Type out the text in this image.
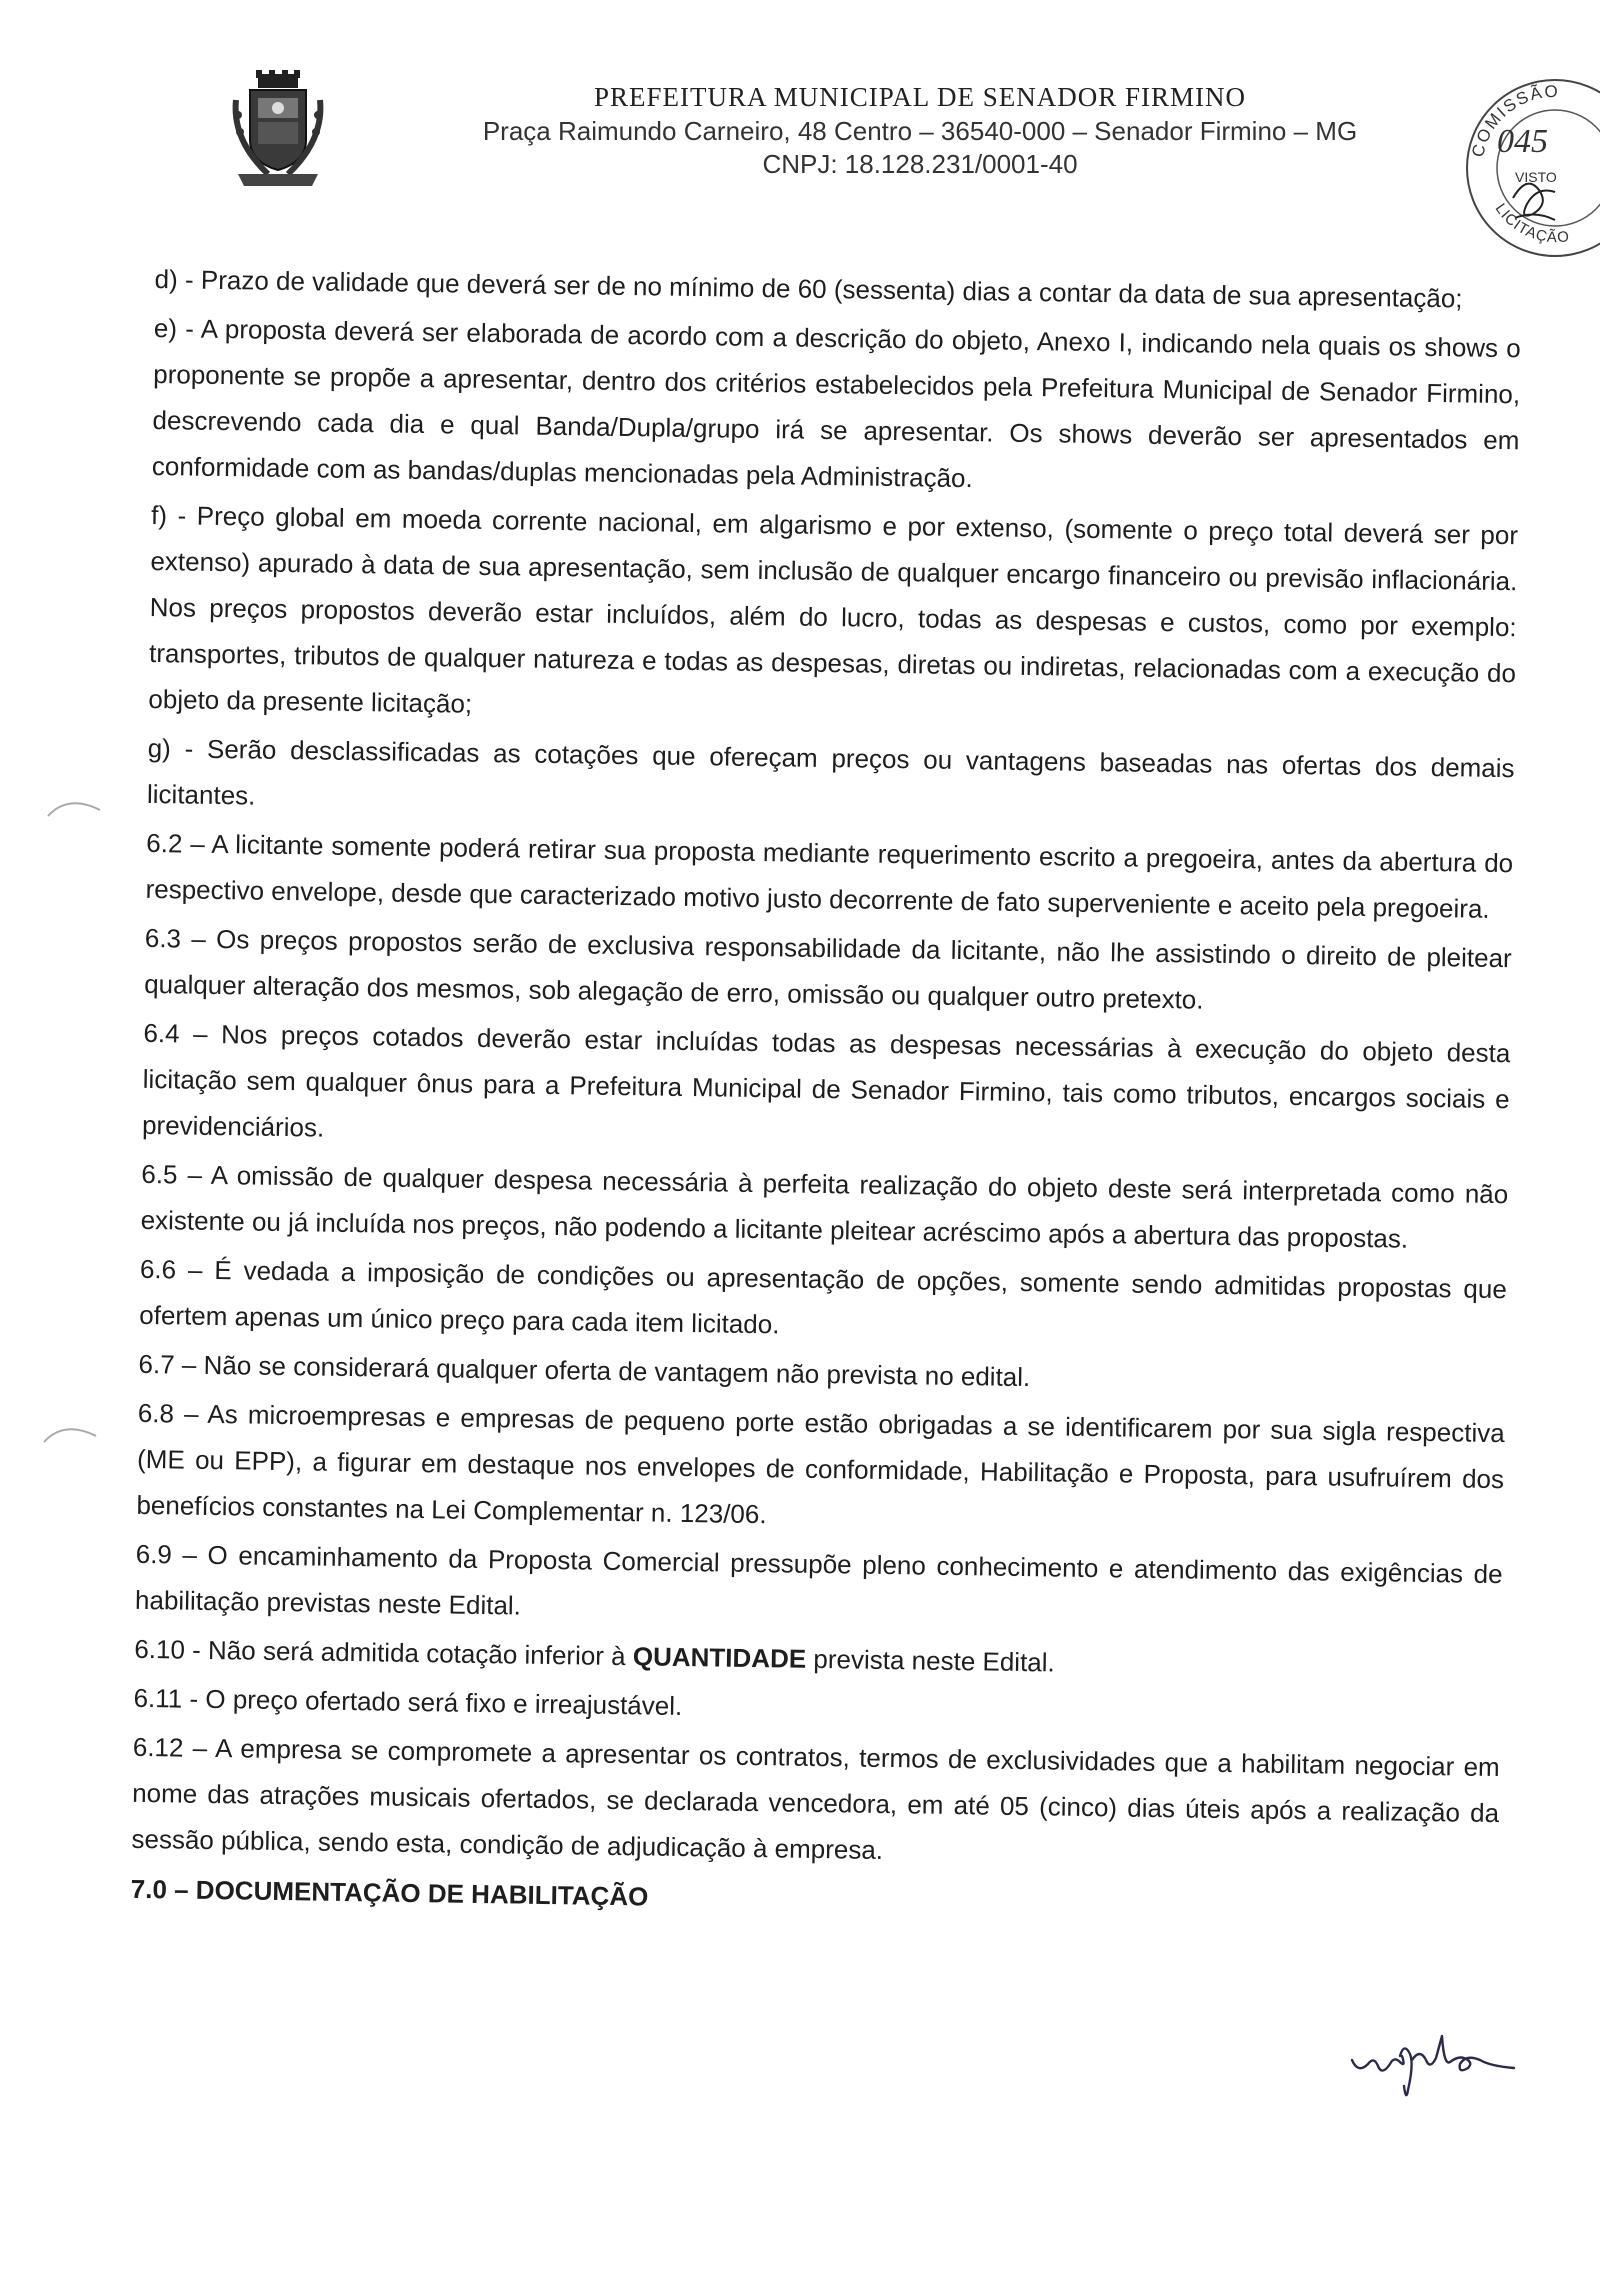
PREFEITURA MUNICIPAL DE SENADOR FIRMINO
Praça Raimundo Carneiro, 48 Centro – 36540-000 – Senador Firmino – MG
CNPJ: 18.128.231/0001-40	COMISSÃO
045
VISTO
LICITAÇÃO

d) - Prazo de validade que deverá ser de no mínimo de 60 (sessenta) dias a contar da data de sua apresentação;

e) - A proposta deverá ser elaborada de acordo com a descrição do objeto, Anexo I, indicando nela quais os shows o proponente se propõe a apresentar, dentro dos critérios estabelecidos pela Prefeitura Municipal de Senador Firmino, descrevendo cada dia e qual Banda/Dupla/grupo irá se apresentar. Os shows deverão ser apresentados em conformidade com as bandas/duplas mencionadas pela Administração.

f) - Preço global em moeda corrente nacional, em algarismo e por extenso, (somente o preço total deverá ser por extenso) apurado à data de sua apresentação, sem inclusão de qualquer encargo financeiro ou previsão inflacionária. Nos preços propostos deverão estar incluídos, além do lucro, todas as despesas e custos, como por exemplo: transportes, tributos de qualquer natureza e todas as despesas, diretas ou indiretas, relacionadas com a execução do objeto da presente licitação;

g) - Serão desclassificadas as cotações que ofereçam preços ou vantagens baseadas nas ofertas dos demais licitantes.

6.2 – A licitante somente poderá retirar sua proposta mediante requerimento escrito a pregoeira, antes da abertura do respectivo envelope, desde que caracterizado motivo justo decorrente de fato superveniente e aceito pela pregoeira.

6.3 – Os preços propostos serão de exclusiva responsabilidade da licitante, não lhe assistindo o direito de pleitear qualquer alteração dos mesmos, sob alegação de erro, omissão ou qualquer outro pretexto.

6.4 – Nos preços cotados deverão estar incluídas todas as despesas necessárias à execução do objeto desta licitação sem qualquer ônus para a Prefeitura Municipal de Senador Firmino, tais como tributos, encargos sociais e previdenciários.

6.5 – A omissão de qualquer despesa necessária à perfeita realização do objeto deste será interpretada como não existente ou já incluída nos preços, não podendo a licitante pleitear acréscimo após a abertura das propostas.

6.6 – É vedada a imposição de condições ou apresentação de opções, somente sendo admitidas propostas que ofertem apenas um único preço para cada item licitado.

6.7 – Não se considerará qualquer oferta de vantagem não prevista no edital.

6.8 – As microempresas e empresas de pequeno porte estão obrigadas a se identificarem por sua sigla respectiva (ME ou EPP), a figurar em destaque nos envelopes de conformidade, Habilitação e Proposta, para usufruírem dos benefícios constantes na Lei Complementar n. 123/06.

6.9 – O encaminhamento da Proposta Comercial pressupõe pleno conhecimento e atendimento das exigências de habilitação previstas neste Edital.

6.10 - Não será admitida cotação inferior à QUANTIDADE prevista neste Edital.

6.11 - O preço ofertado será fixo e irreajustável.

6.12 – A empresa se compromete a apresentar os contratos, termos de exclusividades que a habilitam negociar em nome das atrações musicais ofertados, se declarada vencedora, em até 05 (cinco) dias úteis após a realização da sessão pública, sendo esta, condição de adjudicação à empresa.

7.0 – DOCUMENTAÇÃO DE HABILITAÇÃO
